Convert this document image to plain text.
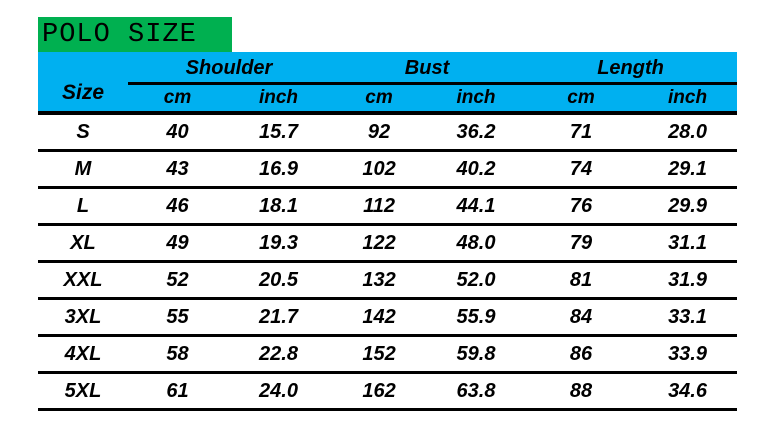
POLO SIZE
Size	Shoulder		Bust		Length	
	cm	inch	cm	inch	cm	inch
S	40	15.7	92	36.2	71	28.0
M	43	16.9	102	40.2	74	29.1
L	46	18.1	112	44.1	76	29.9
XL	49	19.3	122	48.0	79	31.1
XXL	52	20.5	132	52.0	81	31.9
3XL	55	21.7	142	55.9	84	33.1
4XL	58	22.8	152	59.8	86	33.9
5XL	61	24.0	162	63.8	88	34.6
